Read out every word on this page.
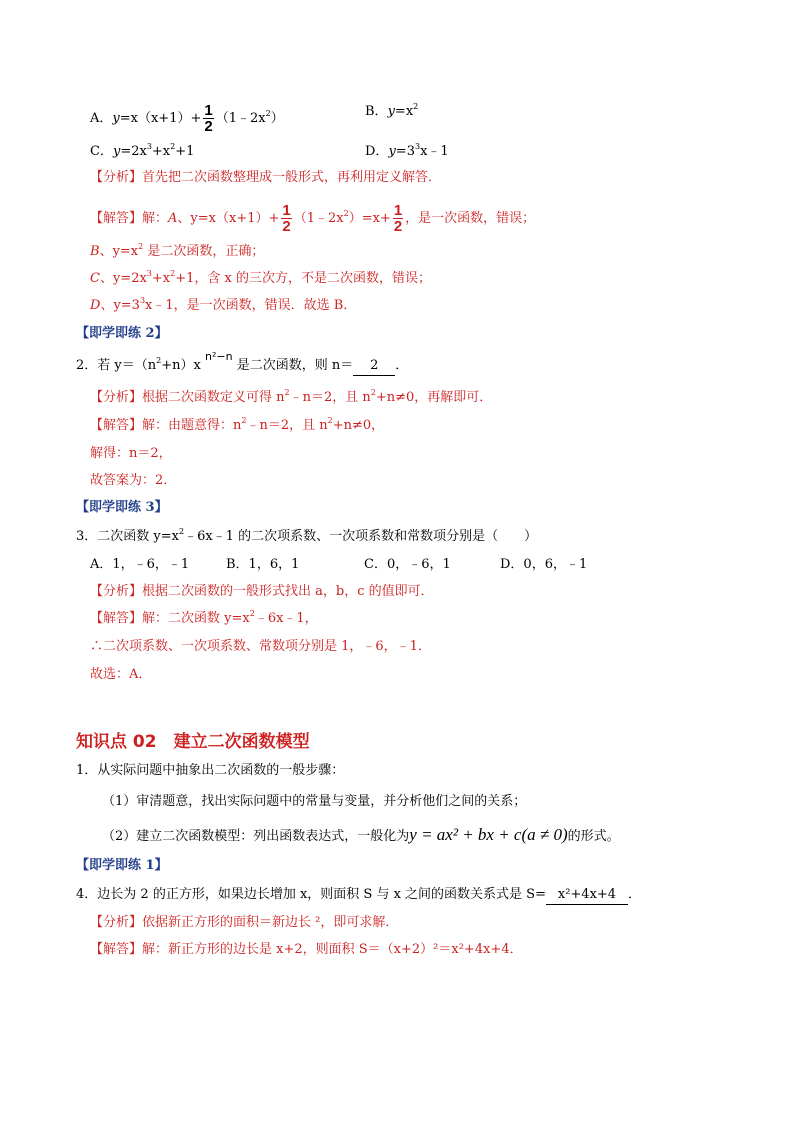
A．$y=x(x+1)+ \frac{1}{2}$ $(1﹣2x^2)$	B．$y=x^2$
C．$y=2x^3+x^2+1$	D．$y=3^3x﹣1$
【分析】首先把二次函数整理成一般形式，再利用定义解答．
【解答】解：A、$y=x(x+1)+ \frac{1}{2}$ $(1﹣2x^2)=x+ \frac{1}{2}$ ，是一次函数，错误；
B、$y=x^2$ 是二次函数，正确；
C、$y=2x^3+x^2+1$，含 x 的三次方，不是二次函数，错误；
D、$y=3^3x﹣1$，是一次函数，错误．故选 B．
【即学即练 2】
2．若 $y=(n^2+n)x$ $^{n^2-n}$ 是二次函数，则 n＝ 2 ．
【分析】根据二次函数定义可得 $n^2﹣n=2$，且 $n^2+n\ne 0$，再解即可．
【解答】解：由题意得：$n^2﹣n=2$，且 $n^2+n\ne 0$，
解得：n＝2，
故答案为：2．
【即学即练 3】
3．二次函数 $y=x^2﹣6x﹣1$ 的二次项系数、一次项系数和常数项分别是（　　）
A．1，﹣6，﹣1	B．1，6，1	C．0，﹣6，1	D．0，6，﹣1
【分析】根据二次函数的一般形式找出 a，b，c 的值即可．
【解答】解：二次函数 $y=x^2﹣6x﹣1$，
∴二次项系数、一次项系数、常数项分别是 1，﹣6，﹣1．
故选：A．
知识点 02　建立二次函数模型
1．从实际问题中抽象出二次函数的一般步骤：
（1）审清题意，找出实际问题中的常量与变量，并分析他们之间的关系；
（2）建立二次函数模型：列出函数表达式，一般化为y = ax² + bx + c(a ≠ 0)的形式。
【即学即练 1】
4．边长为 2 的正方形，如果边长增加 x，则面积 S 与 x 之间的函数关系式是 S= x²+4x+4 ．
【分析】依据新正方形的面积＝新边长 ²，即可求解．
【解答】解：新正方形的边长是 x+2，则面积 S＝（x+2）²＝x²+4x+4．
